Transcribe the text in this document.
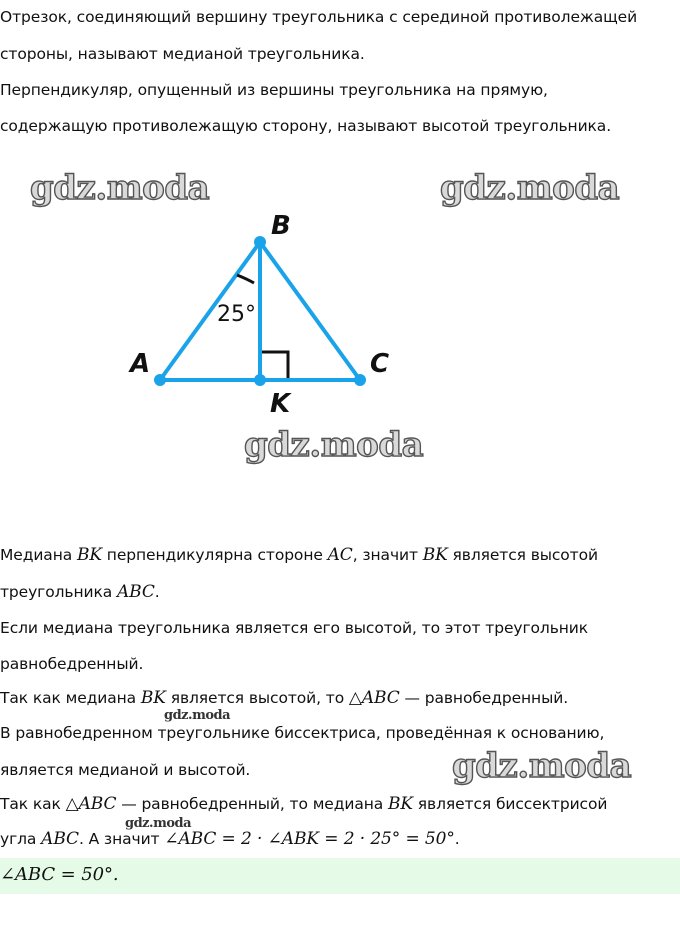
Отрезок, соединяющий вершину треугольника с серединой противолежащей
стороны, называют медианой треугольника.
Перпендикуляр, опущенный из вершины треугольника на прямую,
содержащую противолежащую сторону, называют высотой треугольника.
gdz.moda	gdz.moda
gdz.moda
gdz.moda
gdz.moda
gdz.moda
B
A	C
K
25°
Медиана BK перпендикулярна стороне AC, значит BK является высотой
треугольника ABC.
Если медиана треугольника является его высотой, то этот треугольник
равнобедренный.
Так как медиана BK является высотой, то △ABC — равнобедренный.
В равнобедренном треугольнике биссектриса, проведённая к основанию,
является медианой и высотой.
Так как △ABC — равнобедренный, то медиана BK является биссектрисой
угла ABC. А значит ∠ABC = 2 · ∠ABK = 2 · 25° = 50°.
∠ABC = 50°.
